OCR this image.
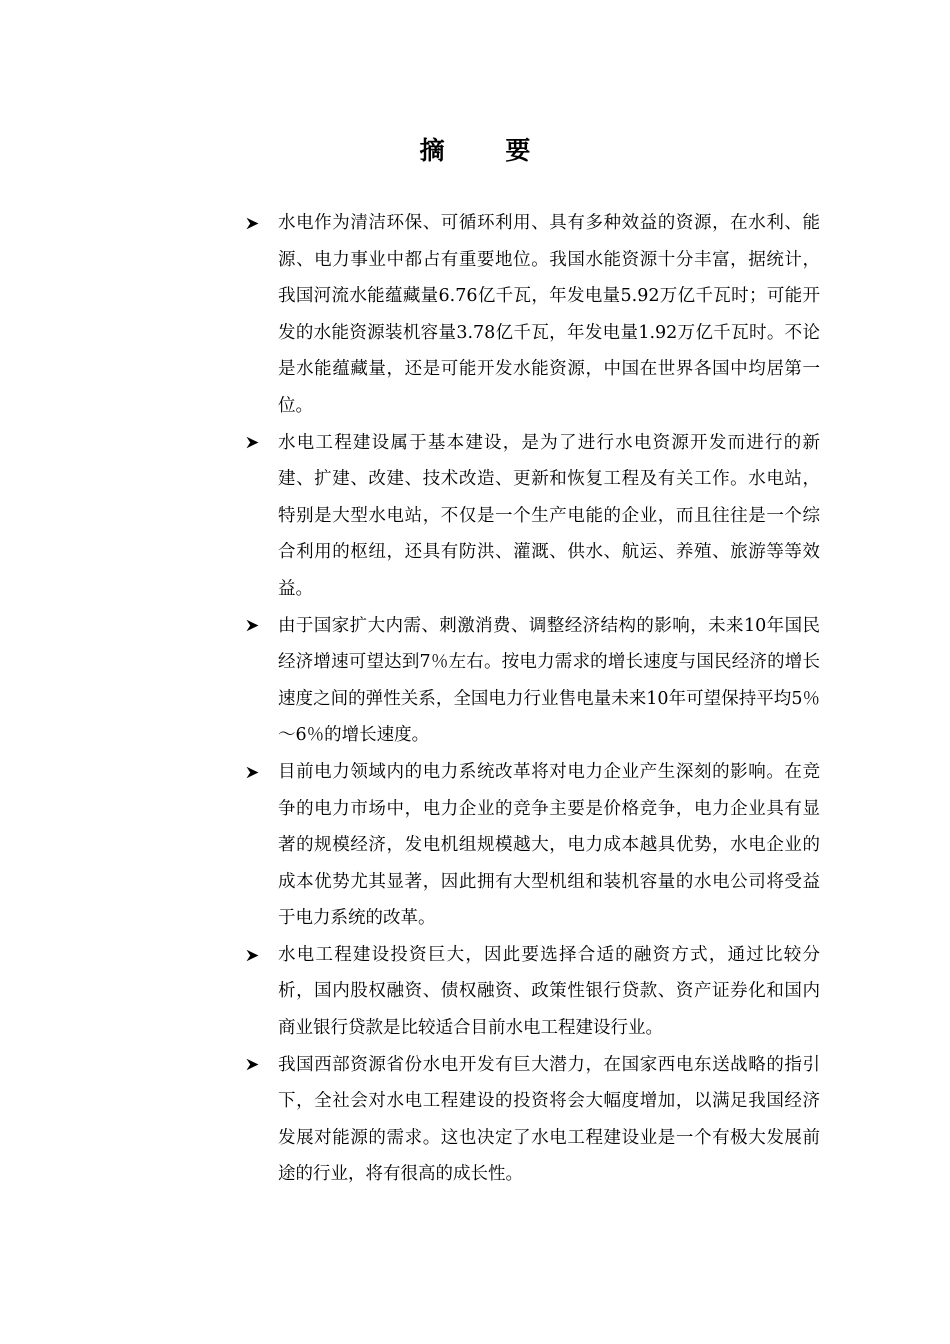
摘 要
水电作为清洁环保、可循环利用、具有多种效益的资源，在水利、能源、电力事业中都占有重要地位。我国水能资源十分丰富，据统计，我国河流水能蕴藏量6.76亿千瓦，年发电量5.92万亿千瓦时；可能开发的水能资源装机容量3.78亿千瓦，年发电量1.92万亿千瓦时。不论是水能蕴藏量，还是可能开发水能资源，中国在世界各国中均居第一位。
水电工程建设属于基本建设，是为了进行水电资源开发而进行的新建、扩建、改建、技术改造、更新和恢复工程及有关工作。水电站，特别是大型水电站，不仅是一个生产电能的企业，而且往往是一个综合利用的枢纽，还具有防洪、灌溉、供水、航运、养殖、旅游等等效益。
由于国家扩大内需、刺激消费、调整经济结构的影响，未来10年国民经济增速可望达到7％左右。按电力需求的增长速度与国民经济的增长速度之间的弹性关系，全国电力行业售电量未来10年可望保持平均5％～6％的增长速度。
目前电力领域内的电力系统改革将对电力企业产生深刻的影响。在竞争的电力市场中，电力企业的竞争主要是价格竞争，电力企业具有显著的规模经济，发电机组规模越大，电力成本越具优势，水电企业的成本优势尤其显著，因此拥有大型机组和装机容量的水电公司将受益于电力系统的改革。
水电工程建设投资巨大，因此要选择合适的融资方式，通过比较分析，国内股权融资、债权融资、政策性银行贷款、资产证券化和国内商业银行贷款是比较适合目前水电工程建设行业。
我国西部资源省份水电开发有巨大潜力，在国家西电东送战略的指引下，全社会对水电工程建设的投资将会大幅度增加，以满足我国经济发展对能源的需求。这也决定了水电工程建设业是一个有极大发展前途的行业，将有很高的成长性。
